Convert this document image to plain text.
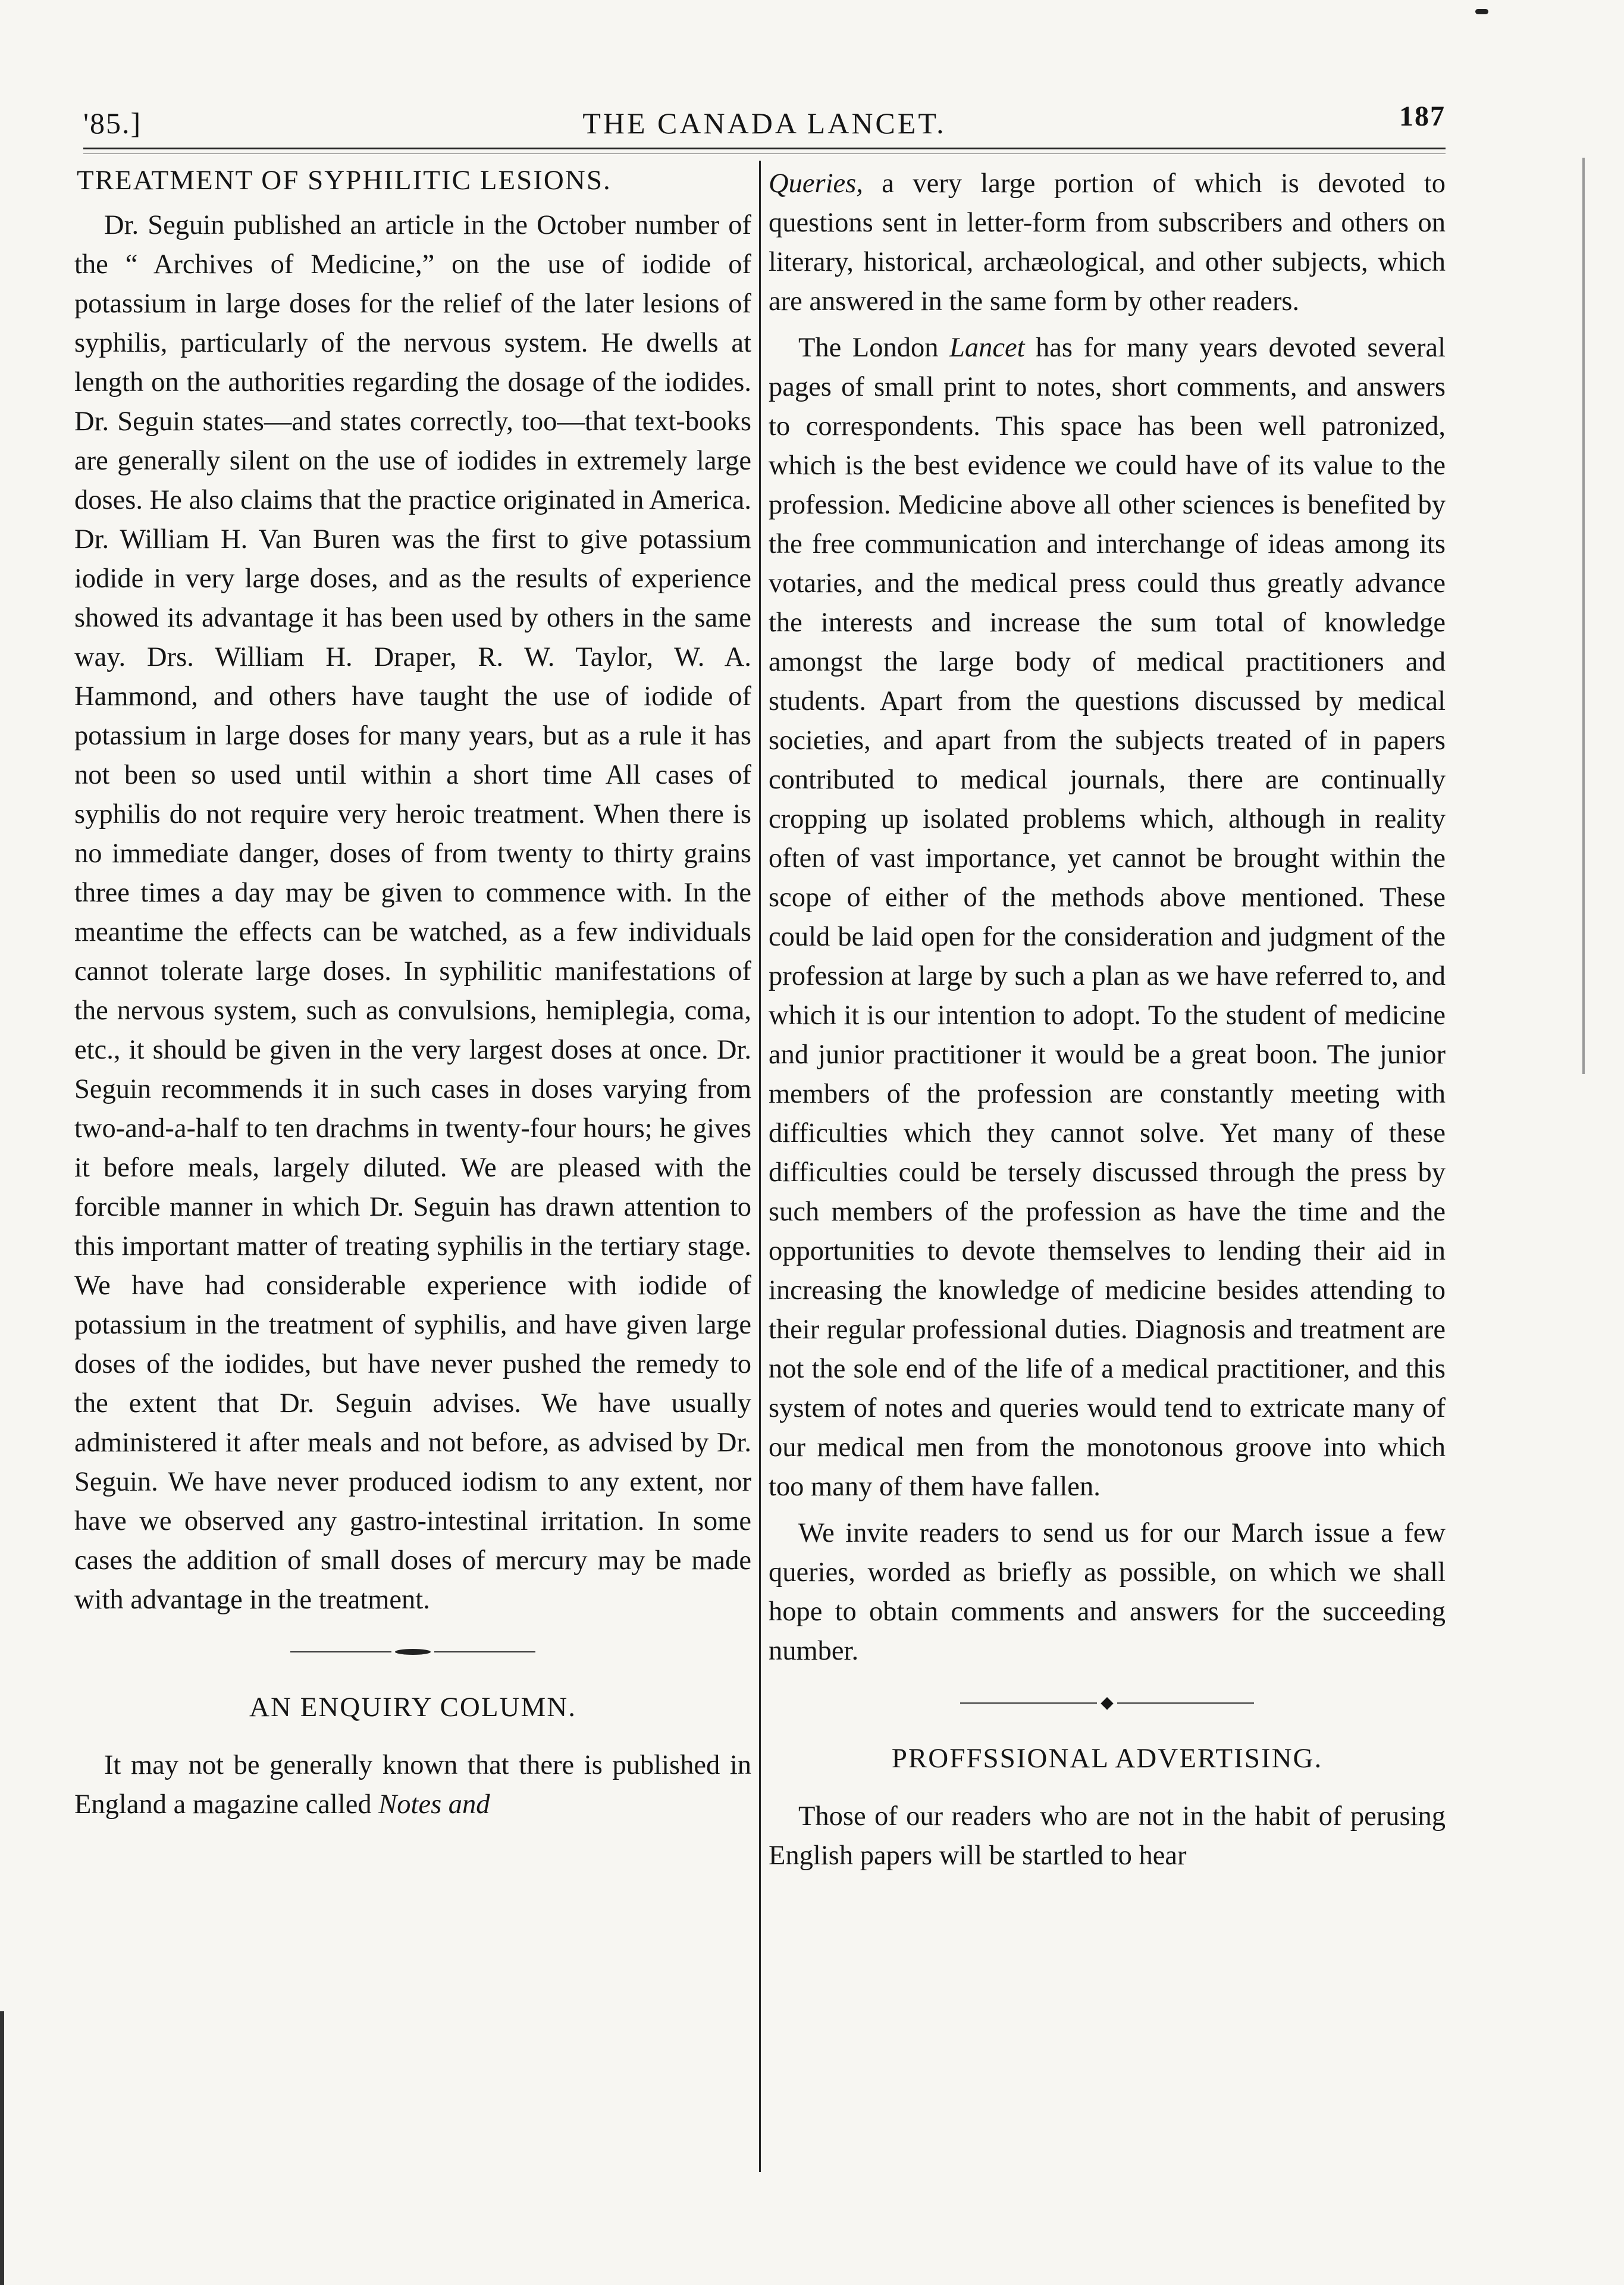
'85.]	THE CANADA LANCET.	187
TREATMENT OF SYPHILITIC LESIONS.

Dr. Seguin published an article in the October number of the “ Archives of Medicine,” on the use of iodide of potassium in large doses for the relief of the later lesions of syphilis, particularly of the nervous system. He dwells at length on the authorities regarding the dosage of the iodides. Dr. Seguin states—and states correctly, too—that text-books are generally silent on the use of iodides in extremely large doses. He also claims that the practice originated in America. Dr. William H. Van Buren was the first to give potassium iodide in very large doses, and as the results of experience showed its advantage it has been used by others in the same way. Drs. William H. Draper, R. W. Taylor, W. A. Hammond, and others have taught the use of iodide of potassium in large doses for many years, but as a rule it has not been so used until within a short time All cases of syphilis do not require very heroic treatment. When there is no immediate danger, doses of from twenty to thirty grains three times a day may be given to commence with. In the meantime the effects can be watched, as a few individuals cannot tolerate large doses. In syphilitic manifestations of the nervous system, such as convulsions, hemiplegia, coma, etc., it should be given in the very largest doses at once. Dr. Seguin recommends it in such cases in doses varying from two-and-a-half to ten drachms in twenty-four hours; he gives it before meals, largely diluted. We are pleased with the forcible manner in which Dr. Seguin has drawn attention to this important matter of treating syphilis in the tertiary stage. We have had considerable experience with iodide of potassium in the treatment of syphilis, and have given large doses of the iodides, but have never pushed the remedy to the extent that Dr. Seguin advises. We have usually administered it after meals and not before, as advised by Dr. Seguin. We have never produced iodism to any extent, nor have we observed any gastro-intestinal irritation. In some cases the addition of small doses of mercury may be made with advantage in the treatment.

AN ENQUIRY COLUMN.

It may not be generally known that there is published in England a magazine called Notes and

Queries, a very large portion of which is devoted to questions sent in letter-form from subscribers and others on literary, historical, archæological, and other subjects, which are answered in the same form by other readers.

The London Lancet has for many years devoted several pages of small print to notes, short comments, and answers to correspondents. This space has been well patronized, which is the best evidence we could have of its value to the profession. Medicine above all other sciences is benefited by the free communication and interchange of ideas among its votaries, and the medical press could thus greatly advance the interests and increase the sum total of knowledge amongst the large body of medical practitioners and students. Apart from the questions discussed by medical societies, and apart from the subjects treated of in papers contributed to medical journals, there are continually cropping up isolated problems which, although in reality often of vast importance, yet cannot be brought within the scope of either of the methods above mentioned. These could be laid open for the consideration and judgment of the profession at large by such a plan as we have referred to, and which it is our intention to adopt. To the student of medicine and junior practitioner it would be a great boon. The junior members of the profession are constantly meeting with difficulties which they cannot solve. Yet many of these difficulties could be tersely discussed through the press by such members of the profession as have the time and the opportunities to devote themselves to lending their aid in increasing the knowledge of medicine besides attending to their regular professional duties. Diagnosis and treatment are not the sole end of the life of a medical practitioner, and this system of notes and queries would tend to extricate many of our medical men from the monotonous groove into which too many of them have fallen.

We invite readers to send us for our March issue a few queries, worded as briefly as possible, on which we shall hope to obtain comments and answers for the succeeding number.

◆
PROFFSSIONAL ADVERTISING.

Those of our readers who are not in the habit of perusing English papers will be startled to hear
